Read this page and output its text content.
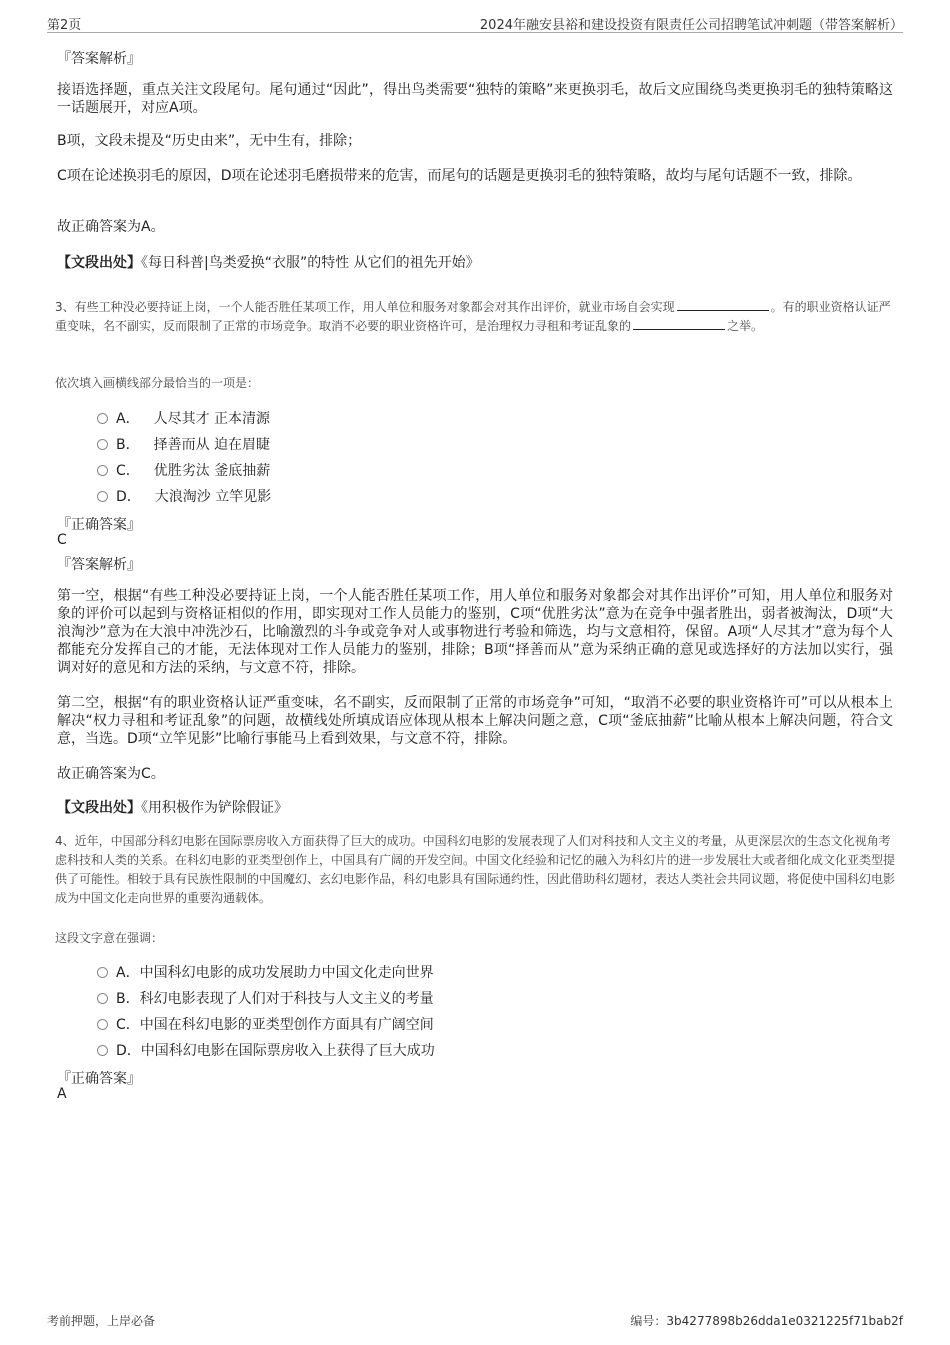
第2页	2024年融安县裕和建设投资有限责任公司招聘笔试冲刺题（带答案解析）
『答案解析』

接语选择题，重点关注文段尾句。尾句通过“因此”，得出鸟类需要“独特的策略”来更换羽毛，故后文应围绕鸟类更换羽毛的独特策略这一话题展开，对应A项。

B项，文段未提及“历史由来”，无中生有，排除；

C项在论述换羽毛的原因，D项在论述羽毛磨损带来的危害，而尾句的话题是更换羽毛的独特策略，故均与尾句话题不一致，排除。

故正确答案为A。

【文段出处】《每日科普|鸟类爱换“衣服”的特性 从它们的祖先开始》

3、有些工种没必要持证上岗，一个人能否胜任某项工作，用人单位和服务对象都会对其作出评价，就业市场自会实现	。有的职业资格认证严重变味，名不副实，反而限制了正常的市场竞争。取消不必要的职业资格许可，是治理权力寻租和考证乱象的	之举。

依次填入画横线部分最恰当的一项是：
A． 人尽其才 正本清源
B． 择善而从 迫在眉睫
C． 优胜劣汰 釜底抽薪
D． 大浪淘沙 立竿见影
『正确答案』
C
『答案解析』

第一空，根据“有些工种没必要持证上岗，一个人能否胜任某项工作，用人单位和服务对象都会对其作出评价”可知，用人单位和服务对象的评价可以起到与资格证相似的作用，即实现对工作人员能力的鉴别，C项“优胜劣汰”意为在竞争中强者胜出，弱者被淘汰，D项“大浪淘沙”意为在大浪中冲洗沙石，比喻激烈的斗争或竞争对人或事物进行考验和筛选，均与文意相符，保留。A项“人尽其才”意为每个人都能充分发挥自己的才能，无法体现对工作人员能力的鉴别，排除；B项“择善而从”意为采纳正确的意见或选择好的方法加以实行，强调对好的意见和方法的采纳，与文意不符，排除。

第二空，根据“有的职业资格认证严重变味，名不副实，反而限制了正常的市场竞争”可知，“取消不必要的职业资格许可”可以从根本上解决“权力寻租和考证乱象”的问题，故横线处所填成语应体现从根本上解决问题之意，C项“釜底抽薪”比喻从根本上解决问题，符合文意，当选。D项“立竿见影”比喻行事能马上看到效果，与文意不符，排除。

故正确答案为C。

【文段出处】《用积极作为铲除假证》

4、近年，中国部分科幻电影在国际票房收入方面获得了巨大的成功。中国科幻电影的发展表现了人们对科技和人文主义的考量，从更深层次的生态文化视角考虑科技和人类的关系。在科幻电影的亚类型创作上，中国具有广阔的开发空间。中国文化经验和记忆的融入为科幻片的进一步发展壮大或者细化成文化亚类型提供了可能性。相较于具有民族性限制的中国魔幻、玄幻电影作品，科幻电影具有国际通约性，因此借助科幻题材，表达人类社会共同议题，将促使中国科幻电影成为中国文化走向世界的重要沟通载体。

这段文字意在强调：
A．中国科幻电影的成功发展助力中国文化走向世界
B．科幻电影表现了人们对于科技与人文主义的考量
C．中国在科幻电影的亚类型创作方面具有广阔空间
D．中国科幻电影在国际票房收入上获得了巨大成功
『正确答案』
A
考前押题，上岸必备	编号：3b4277898b26dda1e0321225f71bab2f
